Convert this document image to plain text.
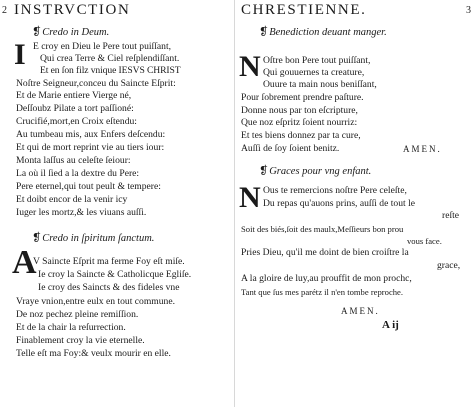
2 INSTRVCTION
❡Credo in Deum.
I E croy en Dieu le Pere tout puiſſant,
Qui crea Terre & Ciel reſplendiſſant.
Et en ſon filz vnique IESVS CHRIST
Noſtre Seigneur,conceu du Saincte Eſprit:
Et de Marie entiere Vierge né,
Deſſoubz Pilate a tort paſſioné:
Crucifié,mort,en Croix eſtendu:
Au tumbeau mis, aux Enfers deſcendu:
Et qui de mort reprint vie au tiers iour:
Monta laſſus au celeſte ſeiour:
La où il ſied a la dextre du Pere:
Pere eternel,qui tout peult & tempere:
Et doibt encor de la venir icy
Iuger les mortz,& les viuans auſſi.
❡Credo in ſpiritum ſanctum.
A
V Saincte Eſprit ma ferme Foy eſt miſe.
Ie croy la Saincte & Catholicque Egliſe.
Ie croy des Saincts & des fideles vne
Vraye vnion,entre eulx en tout commune.
De noz pechez pleine remiſſion.
Et de la chair la reſurrection.
Finablement croy la vie eternelle.
Telle eſt ma Foy:& veulx mourir en elle.
CHRESTIENNE.	3
❡Benediction deuant manger.
N Oſtre bon Pere tout puiſſant,
Qui gouuernes ta creature,
Ouure ta main nous beniſſant,
Pour ſobrement prendre paſture.
Donne nous par ton eſcripture,
Que noz eſpritz ſoient nourriz:
Et tes biens donnez par ta cure,
Auſſi de ſoy ſoient benitz.	AMEN.
❡Graces pour vng enfant.
N Ous te remercions noſtre Pere celeſte,
Du repas qu'auons prins, auſſi de tout le
reſte
Soit des biés,ſoit des maulx,Meſſieurs bon prou
vous face.
Pries Dieu, qu'il me doint de bien croiſtre la
grace,
A la gloire de luy,au prouffit de mon prochc,
Tant que ſus mes parétz il n'en tombe reproche.
AMEN.
A ij
